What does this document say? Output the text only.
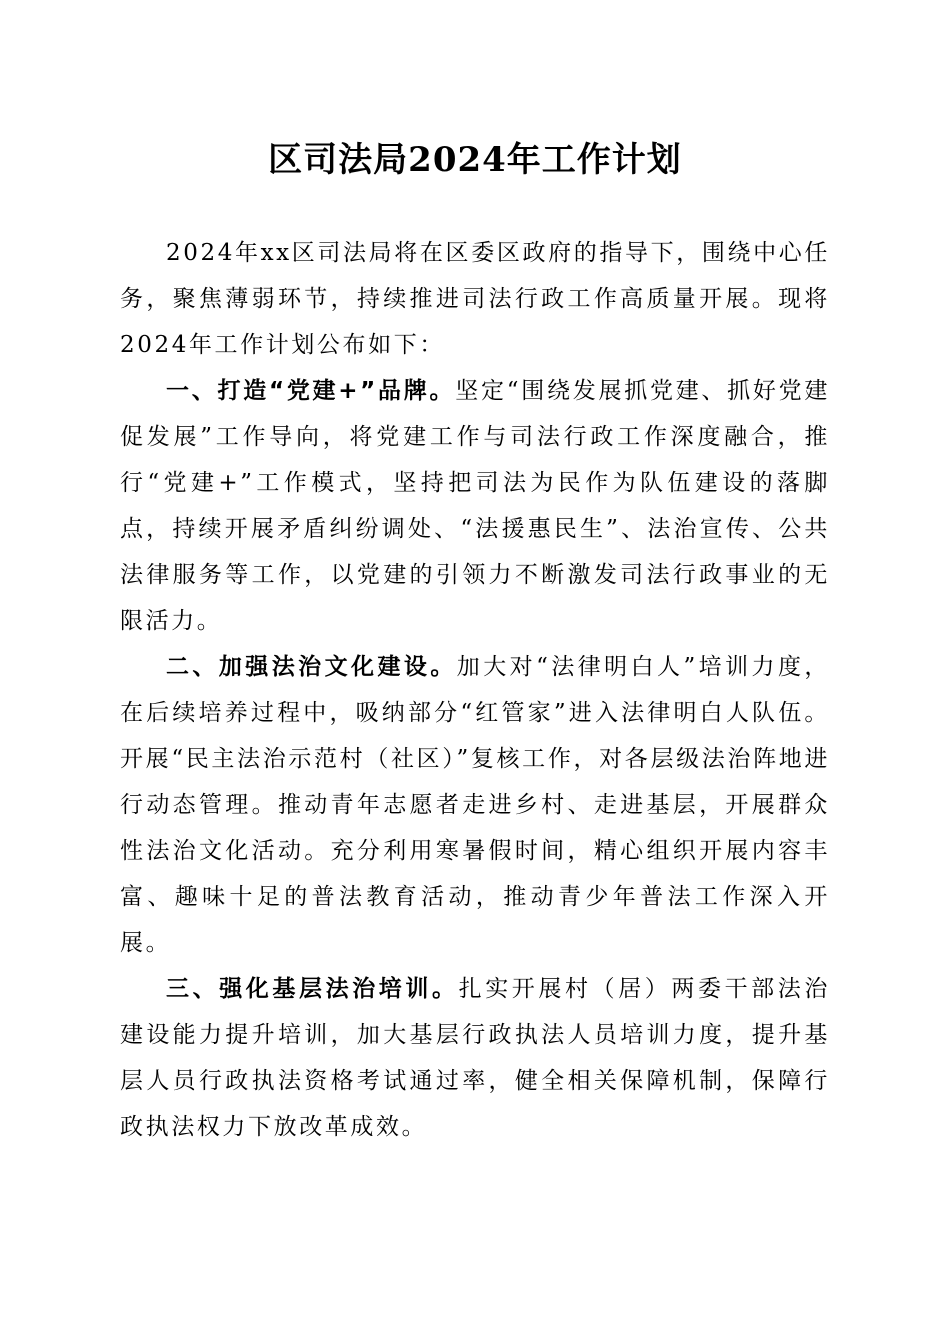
区司法局2024年工作计划

2024年xx区司法局将在区委区政府的指导下，围绕中心任务，聚焦薄弱环节，持续推进司法行政工作高质量开展。现将2024年工作计划公布如下：

一、打造“党建+”品牌。坚定“围绕发展抓党建、抓好党建促发展”工作导向，将党建工作与司法行政工作深度融合，推行“党建+”工作模式，坚持把司法为民作为队伍建设的落脚点，持续开展矛盾纠纷调处、“法援惠民生”、法治宣传、公共法律服务等工作，以党建的引领力不断激发司法行政事业的无限活力。

二、加强法治文化建设。加大对“法律明白人”培训力度，在后续培养过程中，吸纳部分“红管家”进入法律明白人队伍。开展“民主法治示范村（社区）”复核工作，对各层级法治阵地进行动态管理。推动青年志愿者走进乡村、走进基层，开展群众性法治文化活动。充分利用寒暑假时间，精心组织开展内容丰富、趣味十足的普法教育活动，推动青少年普法工作深入开展。

三、强化基层法治培训。扎实开展村（居）两委干部法治建设能力提升培训，加大基层行政执法人员培训力度，提升基层人员行政执法资格考试通过率，健全相关保障机制，保障行政执法权力下放改革成效。
